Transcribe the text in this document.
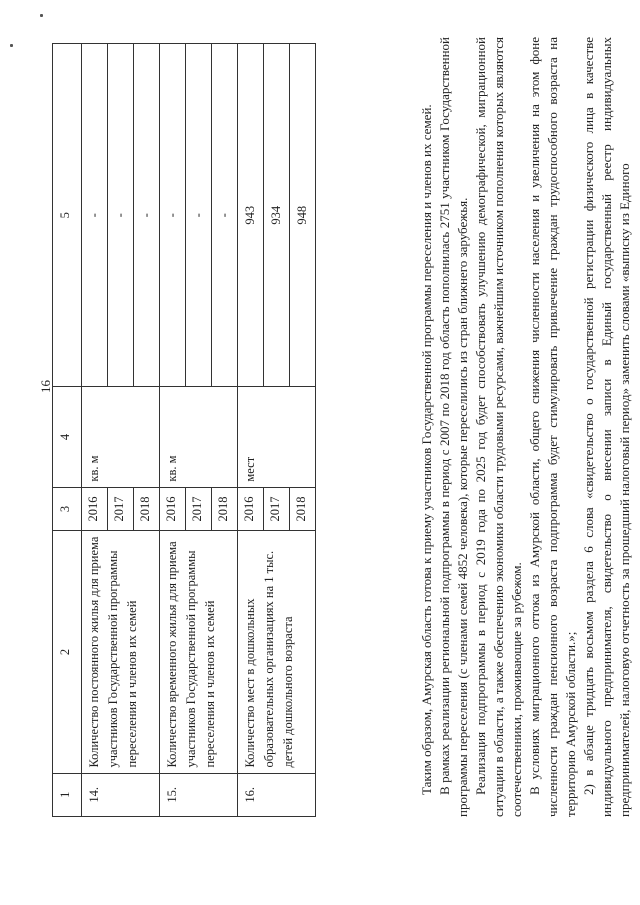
16
1	2	3	4	5
14.	Количество постоянного жилья для приема участников Государственной программы переселения и членов их семей	2016	кв. м	-
		2017		-
		2018		-
15.	Количество временного жилья для приема участников Государственной программы переселения и членов их семей	2016	кв. м	-
		2017		-
		2018		-
16.	Количество мест в дошкольных образовательных организациях на 1 тыс. детей дошкольного возраста	2016	мест	943
		2017		934
		2018		948	Таким образом, Амурская область готова к приему участников Государственной программы переселения и членов их семей. В рамках реализации региональной подпрограммы в период с 2007 по 2018 год область пополнилась 2751 участником Государственной программы переселения (с членами семей 4852 человека), которые переселились из стран ближнего зарубежья. Реализация подпрограммы в период с 2019 года по 2025 год будет способствовать улучшению демографической, миграционной ситуации в области, а также обеспечению экономики области трудовыми ресурсами, важнейшим источником пополнения которых являются соотечественники, проживающие за рубежом. В условиях миграционного оттока из Амурской области, общего снижения численности населения и увеличения на этом фоне численности граждан пенсионного возраста подпрограмма будет стимулировать привлечение граждан трудоспособного возраста на территорию Амурской области.»; 2) в абзаце тридцать восьмом раздела 6 слова «свидетельство о государственной регистрации физического лица в качестве индивидуального предпринимателя, свидетельство о внесении записи в Единый государственный реестр индивидуальных предпринимателей, налоговую отчетность за прошедший налоговый период» заменить словами «выписку из Единого
